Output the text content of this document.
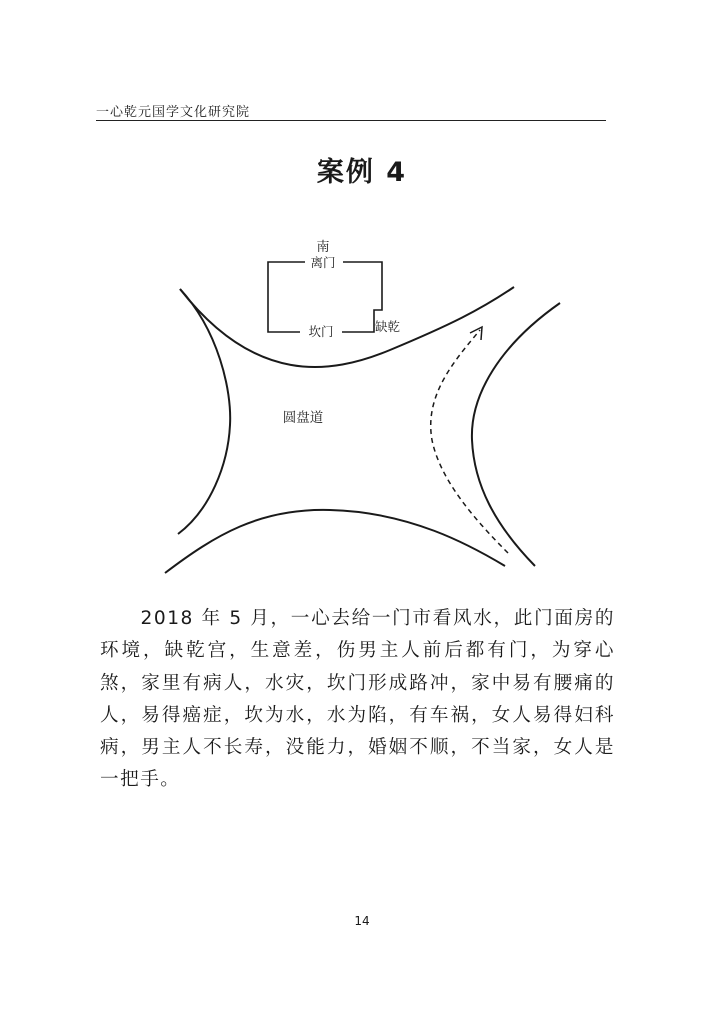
一心乾元国学文化研究院
案例 4
南
离门
坎门	缺乾
圆盘道
　　2018 年 5 月，一心去给一门市看风水，此门面房的环境，缺乾宫，生意差，伤男主人前后都有门，为穿心煞，家里有病人，水灾，坎门形成路冲，家中易有腰痛的人，易得癌症，坎为水，水为陷，有车祸，女人易得妇科病，男主人不长寿，没能力，婚姻不顺，不当家，女人是一把手。
14
